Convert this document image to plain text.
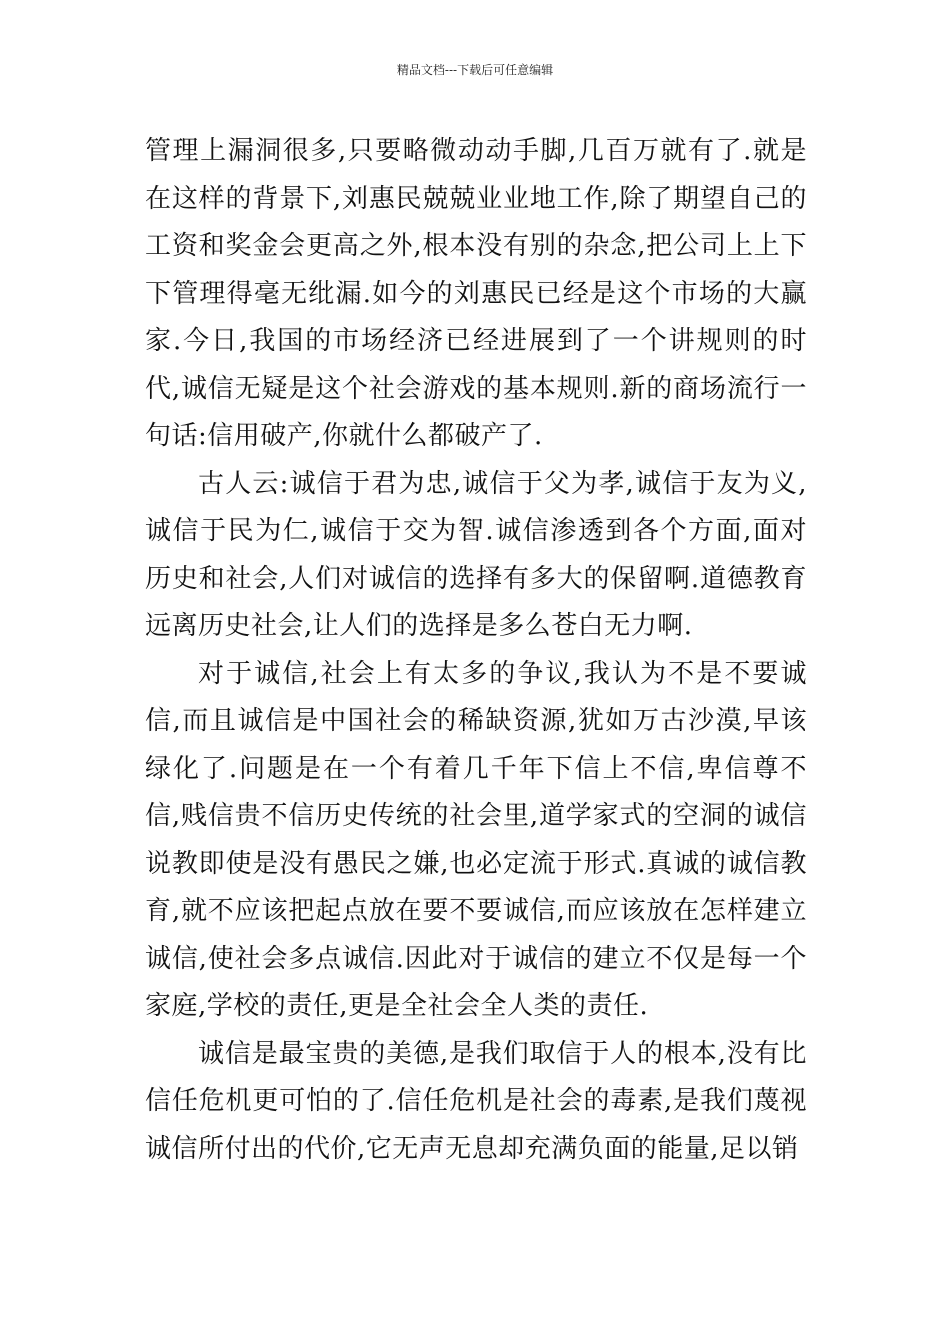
精品文档---下载后可任意编辑

管理上漏洞很多,只要略微动动手脚,几百万就有了.就是在这样的背景下,刘惠民兢兢业业地工作,除了期望自己的工资和奖金会更高之外,根本没有别的杂念,把公司上上下下管理得毫无纰漏.如今的刘惠民已经是这个市场的大赢家.今日,我国的市场经济已经进展到了一个讲规则的时代,诚信无疑是这个社会游戏的基本规则.新的商场流行一句话:信用破产,你就什么都破产了.

古人云:诚信于君为忠,诚信于父为孝,诚信于友为义,诚信于民为仁,诚信于交为智.诚信渗透到各个方面,面对历史和社会,人们对诚信的选择有多大的保留啊.道德教育远离历史社会,让人们的选择是多么苍白无力啊.

对于诚信,社会上有太多的争议,我认为不是不要诚信,而且诚信是中国社会的稀缺资源,犹如万古沙漠,早该绿化了.问题是在一个有着几千年下信上不信,卑信尊不信,贱信贵不信历史传统的社会里,道学家式的空洞的诚信说教即使是没有愚民之嫌,也必定流于形式.真诚的诚信教育,就不应该把起点放在要不要诚信,而应该放在怎样建立诚信,使社会多点诚信.因此对于诚信的建立不仅是每一个家庭,学校的责任,更是全社会全人类的责任.

诚信是最宝贵的美德,是我们取信于人的根本,没有比信任危机更可怕的了.信任危机是社会的毒素,是我们蔑视诚信所付出的代价,它无声无息却充满负面的能量,足以销
